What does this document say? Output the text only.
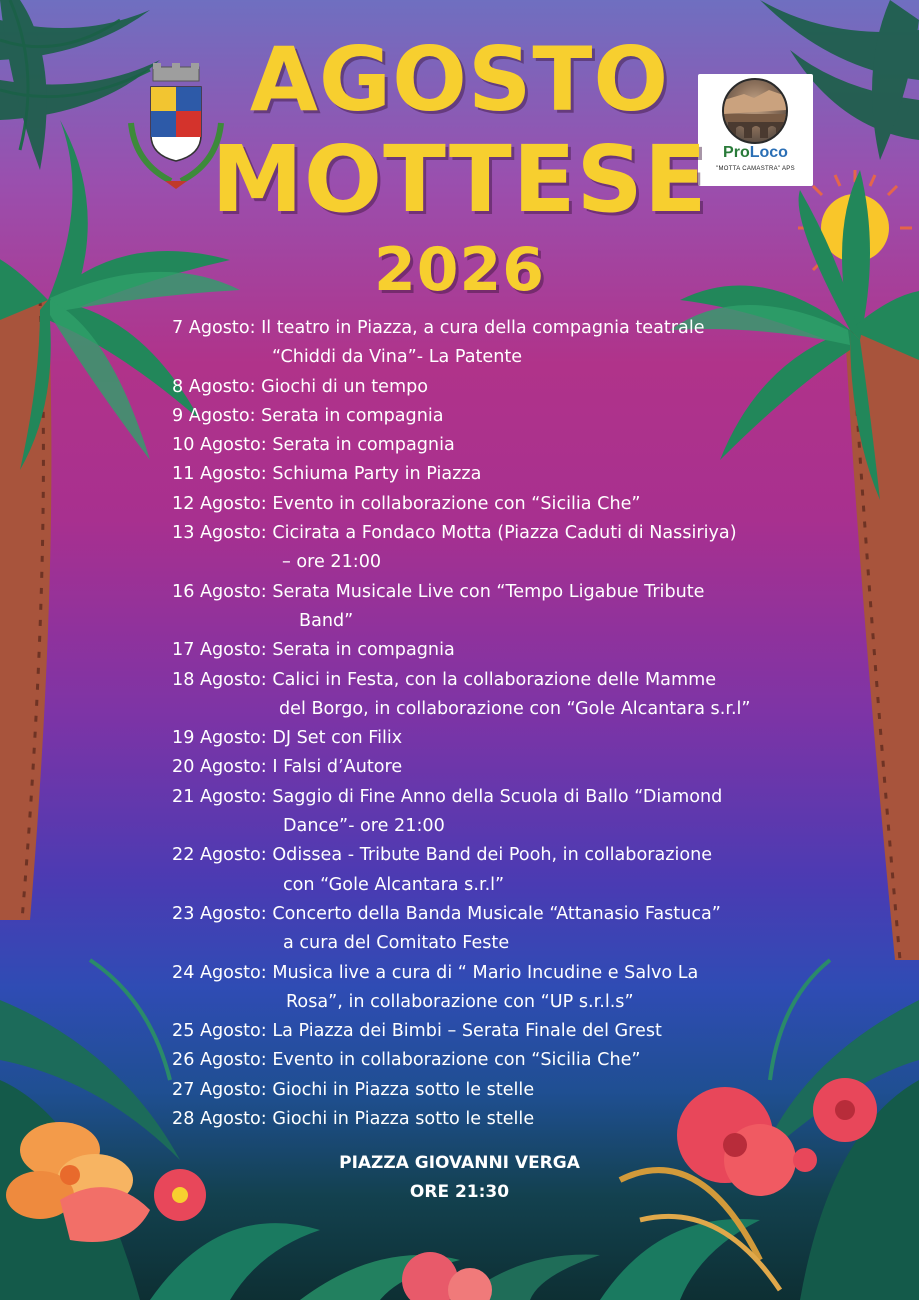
ProLoco
"MOTTA CAMASTRA" APS
AGOSTO
MOTTESE
2026
7 Agosto: Il teatro in Piazza, a cura della compagnia teatrale
“Chiddi da Vina”- La Patente
8 Agosto: Giochi di un tempo
9 Agosto: Serata in compagnia
10 Agosto: Serata in compagnia
11 Agosto: Schiuma Party in Piazza
12 Agosto: Evento in collaborazione con “Sicilia Che”
13 Agosto: Cicirata a Fondaco Motta (Piazza Caduti di Nassiriya)
– ore 21:00
16 Agosto: Serata Musicale Live con “Tempo Ligabue Tribute
Band”
17 Agosto: Serata in compagnia
18 Agosto: Calici in Festa, con la collaborazione delle Mamme
del Borgo, in collaborazione con “Gole Alcantara s.r.l”
19 Agosto: DJ Set con Filix
20 Agosto: I Falsi d’Autore
21 Agosto: Saggio di Fine Anno della Scuola di Ballo “Diamond
Dance”- ore 21:00
22 Agosto: Odissea - Tribute Band dei Pooh, in collaborazione
con “Gole Alcantara s.r.l”
23 Agosto: Concerto della Banda Musicale “Attanasio Fastuca”
a cura del Comitato Feste
24 Agosto: Musica live a cura di “ Mario Incudine e Salvo La
Rosa”, in collaborazione con “UP s.r.l.s”
25 Agosto: La Piazza dei Bimbi – Serata Finale del Grest
26 Agosto: Evento in collaborazione con “Sicilia Che”
27 Agosto: Giochi in Piazza sotto le stelle
28 Agosto: Giochi in Piazza sotto le stelle
PIAZZA GIOVANNI VERGA
ORE 21:30
